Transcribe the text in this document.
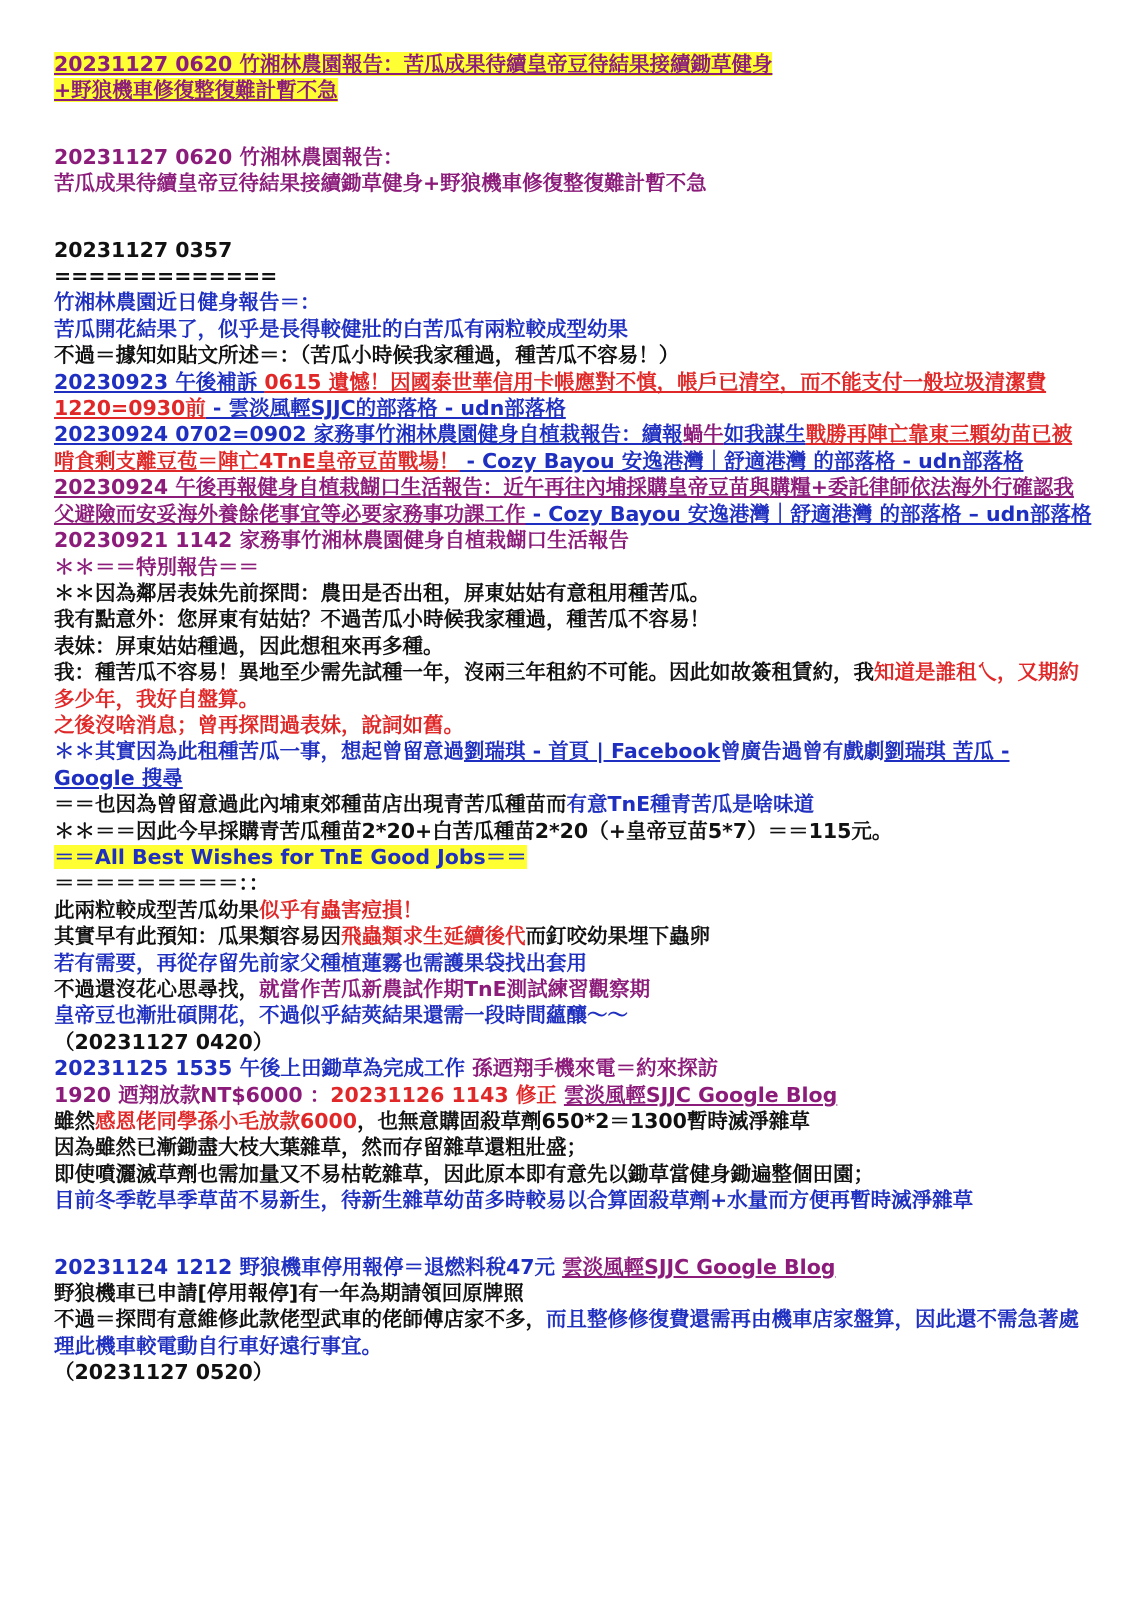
20231127 0620 竹湘林農園報告：苦瓜成果待續皇帝豆待結果接續鋤草健身
+野狼機車修復整復難計暫不急
20231127 0620 竹湘林農園報告：
苦瓜成果待續皇帝豆待結果接續鋤草健身+野狼機車修復整復難計暫不急
20231127 0357
=============
竹湘林農園近日健身報告＝：
苦瓜開花結果了，似乎是長得較健壯的白苦瓜有兩粒較成型幼果
不過＝據知如貼文所述＝：（苦瓜小時候我家種過，種苦瓜不容易！）
20230923 午後補訴 0615 遺憾！因國泰世華信用卡帳應對不慎，帳戶已清空，而不能支付一般垃圾清潔費1220=0930前 - 雲淡風輕SJJC的部落格 - udn部落格
20230924 0702=0902 家務事竹湘林農園健身自植栽報告：續報蝸牛如我謀生戰勝再陣亡靠東三顆幼苗已被啃食剩支離豆苞＝陣亡4TnE皇帝豆苗戰場！ - Cozy Bayou 安逸港灣｜舒適港灣 的部落格 - udn部落格
20230924 午後再報健身自植栽餬口生活報告：近午再往內埔採購皇帝豆苗與購糧+委託律師依法海外行確認我父避險而安妥海外養餘佬事宜等必要家務事功課工作 - Cozy Bayou 安逸港灣｜舒適港灣 的部落格 – udn部落格
20230921 1142 家務事竹湘林農園健身自植栽餬口生活報告
＊＊＝＝特別報告＝＝
＊＊因為鄰居表妹先前探問：農田是否出租，屏東姑姑有意租用種苦瓜。
我有點意外：您屏東有姑姑？不過苦瓜小時候我家種過，種苦瓜不容易！
表妹：屏東姑姑種過，因此想租來再多種。
我：種苦瓜不容易！異地至少需先試種一年，沒兩三年租約不可能。因此如故簽租賃約，我知道是誰租乀，又期約多少年，我好自盤算。
之後沒啥消息；曾再探問過表妹，說詞如舊。
＊＊其實因為此租種苦瓜一事，想起曾留意過劉瑞琪 - 首頁 | Facebook曾廣告過曾有戲劇劉瑞琪 苦瓜 - Google 搜尋
＝＝也因為曾留意過此內埔東郊種苗店出現青苦瓜種苗而有意TnE種青苦瓜是啥味道
＊＊＝＝因此今早採購青苦瓜種苗2*20+白苦瓜種苗2*20（+皇帝豆苗5*7）＝＝115元。
＝＝All Best Wishes for TnE Good Jobs＝＝
＝＝＝＝＝＝＝＝＝：：
此兩粒較成型苦瓜幼果似乎有蟲害痘損！
其實早有此預知：瓜果類容易因飛蟲類求生延續後代而釘咬幼果埋下蟲卵
若有需要，再從存留先前家父種植蓮霧也需護果袋找出套用
不過還沒花心思尋找，就當作苦瓜新農試作期TnE測試練習觀察期
皇帝豆也漸壯碩開花，不過似乎結莢結果還需一段時間蘊釀～～
（20231127 0420）
20231125 1535 午後上田鋤草為完成工作 孫迺翔手機來電＝約來探訪
1920 迺翔放款NT$6000 ：20231126 1143 修正 雲淡風輕SJJC Google Blog
雖然感恩佬同學孫小毛放款6000，也無意購固殺草劑650*2＝1300暫時滅淨雜草
因為雖然已漸鋤盡大枝大葉雜草，然而存留雜草還粗壯盛；
即使噴灑滅草劑也需加量又不易枯乾雜草，因此原本即有意先以鋤草當健身鋤遍整個田園；
目前冬季乾旱季草苗不易新生，待新生雜草幼苗多時較易以合算固殺草劑+水量而方便再暫時滅淨雜草
20231124 1212 野狼機車停用報停＝退燃料稅47元 雲淡風輕SJJC Google Blog
野狼機車已申請[停用報停]有一年為期請領回原牌照
不過＝探問有意維修此款佬型武車的佬師傅店家不多，而且整修修復費還需再由機車店家盤算，因此還不需急著處理此機車較電動自行車好遠行事宜。
（20231127 0520）
